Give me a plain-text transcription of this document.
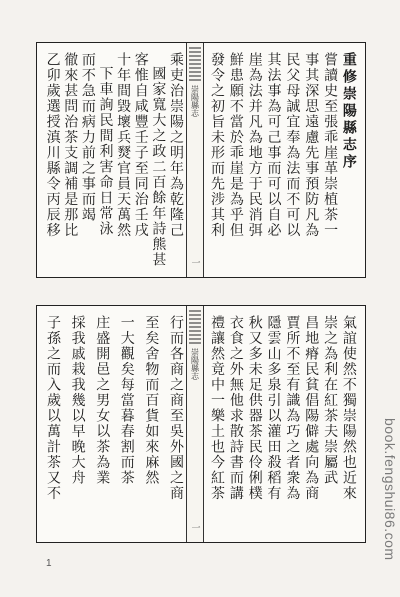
重修崇陽縣志序
嘗讀史至張乖崖革崇植茶一
事其深思遠慮先事預防凡為
民父母誠宜奉為法而不可以
其法事為可己事而可以自必
崖為法并凡為地方于民消弭
鮮患願不當於乖崖是為乎但
發令之初旨未形而先涉其利
崇陽縣志
一
乘吏治崇陽之明年為乾隆己
國家寬大之政二百餘年詩熊甚
客惟自咸豐壬子至同治壬戌
十年間毀壞兵燹官員天萬然
下車詢民間利害命日常泳
而不急而病力前之事而竭
徹來甚問治茶支調補是那比
乙卯歲選授滇川縣令丙辰移
氣誼使然不獨崇陽然也近來
崇之為利在紅茶夫崇屬武
昌地瘠民貧倡陽僻處向為商
賈所不至有識為巧之者衆為
隱雲山多泉引以灌田殺稻有
秋又多未足供器茶民伶俐樸
衣食之外無他求散詩書而講
禮讓然竟中一樂土也今紅茶
崇陽縣志
一
行而各商之商至吳外國之商
至矣舍物而百貨如來麻然
一大觀矣每當暮春割而茶
庄盛開邑之男女以茶為業
採我戚栽我幾以早晚大舟
子孫之而入歲以萬計茶又不	book.fengshui86.com
1
